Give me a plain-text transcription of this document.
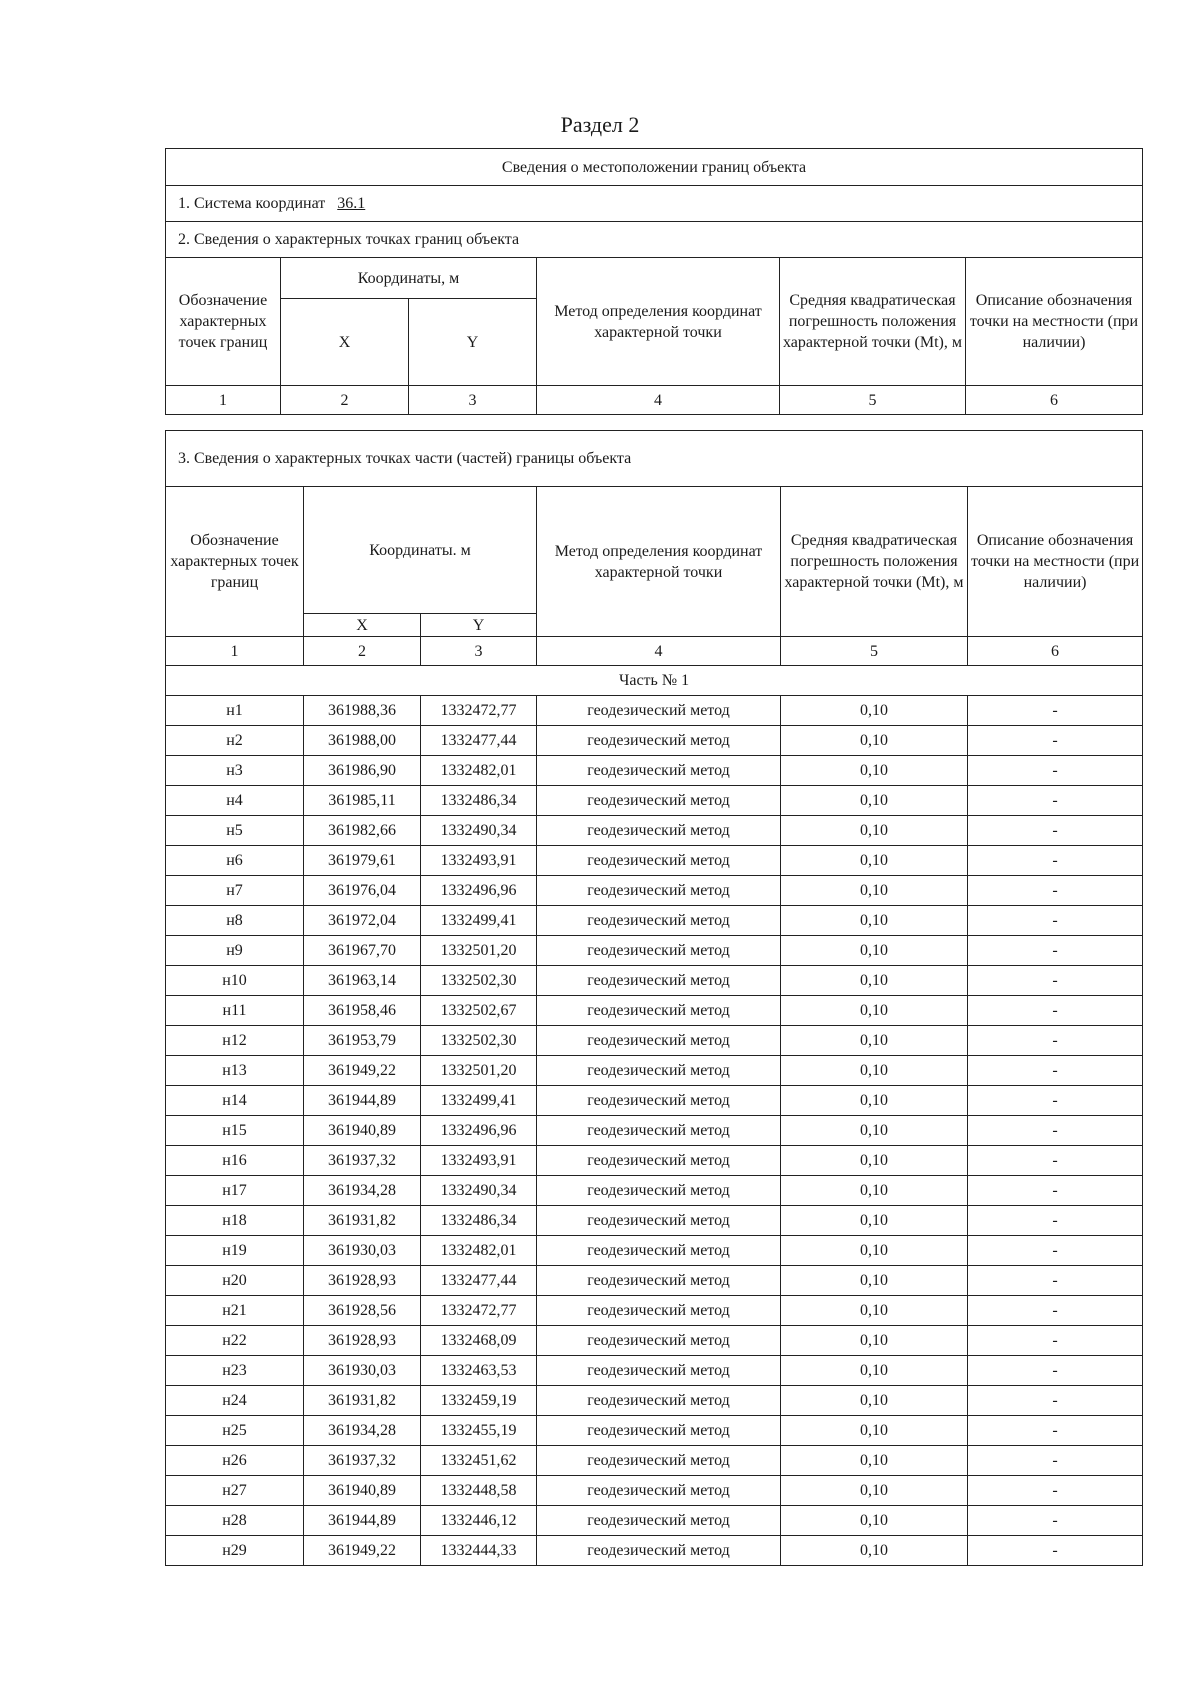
Раздел 2
Сведения о местоположении границ объекта					
1. Система координат 36.1					
2. Сведения о характерных точках границ объекта					
Обозначение характерных точек границ	Координаты, м		Метод определения координат характерной точки	Средняя квадратическая погрешность положения характерной точки (Mt), м	Описание обозначения точки на местности (при наличии)
	X	Y			
1	2	3	4	5	6
3. Сведения о характерных точках части (частей) границы объекта					
Обозначение характерных точек границ	Координаты. м		Метод определения координат характерной точки	Средняя квадратическая погрешность положения характерной точки (Mt), м	Описание обозначения точки на местности (при наличии)
	X	Y			
1	2	3	4	5	6
Часть № 1					
н1	361988,36	1332472,77	геодезический метод	0,10	-
н2	361988,00	1332477,44	геодезический метод	0,10	-
н3	361986,90	1332482,01	геодезический метод	0,10	-
н4	361985,11	1332486,34	геодезический метод	0,10	-
н5	361982,66	1332490,34	геодезический метод	0,10	-
н6	361979,61	1332493,91	геодезический метод	0,10	-
н7	361976,04	1332496,96	геодезический метод	0,10	-
н8	361972,04	1332499,41	геодезический метод	0,10	-
н9	361967,70	1332501,20	геодезический метод	0,10	-
н10	361963,14	1332502,30	геодезический метод	0,10	-
н11	361958,46	1332502,67	геодезический метод	0,10	-
н12	361953,79	1332502,30	геодезический метод	0,10	-
н13	361949,22	1332501,20	геодезический метод	0,10	-
н14	361944,89	1332499,41	геодезический метод	0,10	-
н15	361940,89	1332496,96	геодезический метод	0,10	-
н16	361937,32	1332493,91	геодезический метод	0,10	-
н17	361934,28	1332490,34	геодезический метод	0,10	-
н18	361931,82	1332486,34	геодезический метод	0,10	-
н19	361930,03	1332482,01	геодезический метод	0,10	-
н20	361928,93	1332477,44	геодезический метод	0,10	-
н21	361928,56	1332472,77	геодезический метод	0,10	-
н22	361928,93	1332468,09	геодезический метод	0,10	-
н23	361930,03	1332463,53	геодезический метод	0,10	-
н24	361931,82	1332459,19	геодезический метод	0,10	-
н25	361934,28	1332455,19	геодезический метод	0,10	-
н26	361937,32	1332451,62	геодезический метод	0,10	-
н27	361940,89	1332448,58	геодезический метод	0,10	-
н28	361944,89	1332446,12	геодезический метод	0,10	-
н29	361949,22	1332444,33	геодезический метод	0,10	-
